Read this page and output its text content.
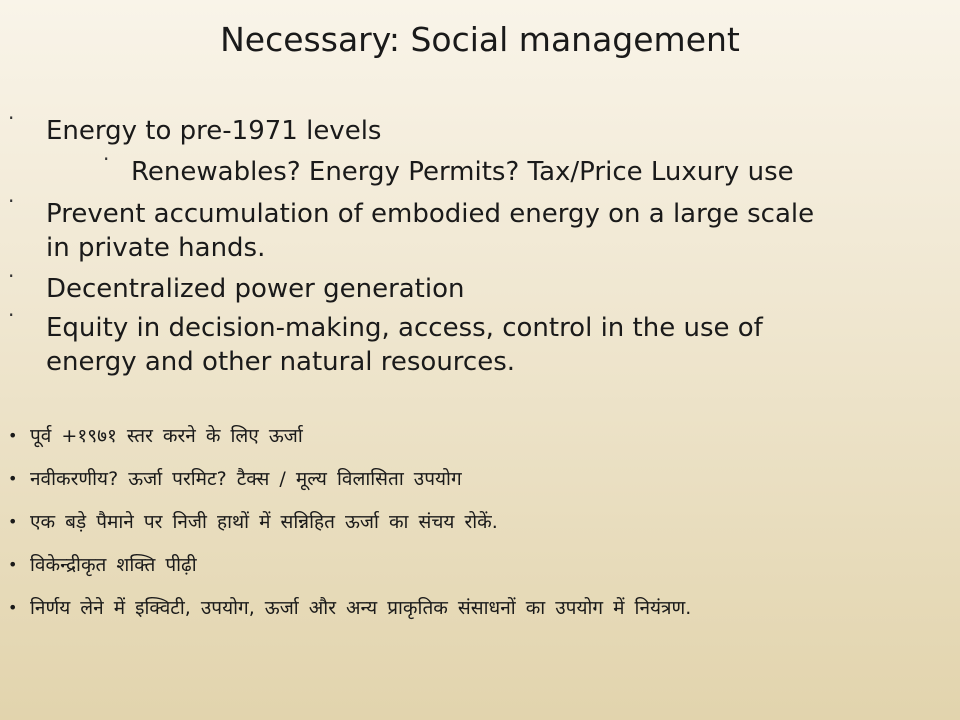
Necessary: Social management
· Energy to pre-1971 levels
· Renewables? Energy Permits? Tax/Price Luxury use
· Prevent accumulation of embodied energy on a large scale
in private hands.
· Decentralized power generation
· Equity in decision-making, access, control in the use of
energy and other natural resources.
• पूर्व +१९७१ स्तर करने के लिए ऊर्जा
• नवीकरणीय? ऊर्जा परमिट? टैक्स / मूल्य विलासिता उपयोग
• एक बड़े पैमाने पर निजी हाथों में सन्निहित ऊर्जा का संचय रोकें.
• विकेन्द्रीकृत शक्ति पीढ़ी
• निर्णय लेने में इक्विटी, उपयोग, ऊर्जा और अन्य प्राकृतिक संसाधनों का उपयोग में नियंत्रण.
